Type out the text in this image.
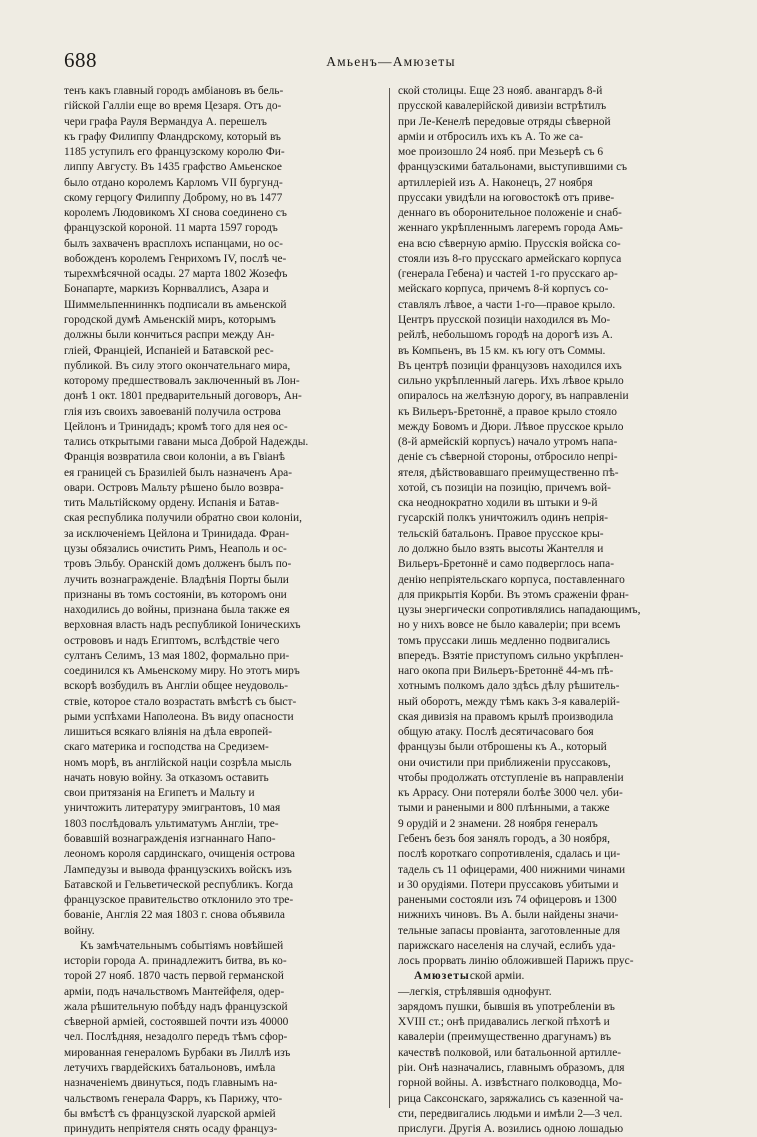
688	Амьенъ—Амюзеты

тенъ какъ главный городъ амбіановъ въ бель-

гійской Галліи еще во время Цезаря. Отъ до-

чери графа Рауля Вермандуа А. перешелъ

къ графу Филиппу Фландрскому, который въ

1185 уступилъ его французскому королю Фи-

липпу Августу. Въ 1435 графство Амьенское

было отдано королемъ Карломъ VII бургунд-

скому герцогу Филиппу Доброму, но въ 1477

королемъ Людовикомъ XI снова соединено съ

французской короной. 11 марта 1597 городъ

былъ захваченъ врасплохъ испанцами, но ос-

вобожденъ королемъ Генрихомъ IV, послѣ че-

тырехмѣсячной осады. 27 марта 1802 Жозефъ

Бонапарте, маркизъ Корнваллисъ, Азара и

Шиммельпенниннкъ подписали въ амьенской

городской думѣ Амьенскій миръ, которымъ

должны были кончиться распри между Ан-

гліей, Франціей, Испаніей и Батавской рес-

публикой. Въ силу этого окончательнаго мира,

которому предшествовалъ заключенный въ Лон-

донѣ 1 окт. 1801 предварительный договоръ, Ан-

глія изъ своихъ завоеваній получила острова

Цейлонъ и Тринидадъ; кромѣ того для нея ос-

тались открытыми гавани мыса Доброй Надежды.

Франція возвратила свои колоніи, а въ Гвіанѣ

ея границей съ Бразиліей былъ назначенъ Ара-

овари. Островъ Мальту рѣшено было возвра-

тить Мальтійскому ордену. Испанія и Батав-

ская республика получили обратно свои колоніи,

за исключеніемъ Цейлона и Тринидада. Фран-

цузы обязались очистить Римъ, Неаполь и ос-

тровъ Эльбу. Оранскій домъ долженъ былъ по-

лучить вознагражденіе. Владѣнія Порты были

признаны въ томъ состояніи, въ которомъ они

находились до войны, признана была также ея

верховная власть надъ республикой Іоническихъ

острововъ и надъ Египтомъ, вслѣдствіе чего

султанъ Селимъ, 13 мая 1802, формально при-

соединился къ Амьенскому миру. Но этотъ миръ

вскорѣ возбудилъ въ Англіи общее неудоволь-

ствіе, которое стало возрастать вмѣстѣ съ быст-

рыми успѣхами Наполеона. Въ виду опасности

лишиться всякаго вліянія на дѣла европей-

скаго материка и господства на Средизем-

номъ морѣ, въ англійской націи созрѣла мысль

начать новую войну. За отказомъ оставить

свои притязанія на Египетъ и Мальту и

уничтожить литературу эмигрантовъ, 10 мая

1803 послѣдовалъ ультиматумъ Англіи, тре-

бовавшій вознагражденія изгнаннаго Напо-

леономъ короля сардинскаго, очищенія острова

Лампедузы и вывода французскихъ войскъ изъ

Батавской и Гельветической республикъ. Когда

французское правительство отклонило это тре-

бованіе, Англія 22 мая 1803 г. снова объявила

войну.

Къ замѣчательнымъ событіямъ новѣйшей

исторіи города А. принадлежитъ битва, въ ко-

торой 27 нояб. 1870 часть первой германской

арміи, подъ начальствомъ Мантейфеля, одер-

жала рѣшительную побѣду надъ французской

сѣверной арміей, состоявшей почти изъ 40000

чел. Послѣдняя, незадолго передъ тѣмъ сфор-

мированная генераломъ Бурбаки въ Лиллѣ изъ

летучихъ гвардейскихъ батальоновъ, имѣла

назначеніемъ двинуться, подъ главнымъ на-

чальствомъ генерала Фарръ, къ Парижу, что-

бы вмѣстѣ съ французской луарской арміей

принудить непріятеля снять осаду француз-

ской столицы. Еще 23 нояб. авангардъ 8-й

прусской кавалерійской дивизіи встрѣтилъ

при Ле-Кенелѣ передовые отряды сѣверной

арміи и отбросилъ ихъ къ А. То же са-

мое произошло 24 нояб. при Мезьерѣ съ 6

французскими батальонами, выступившими съ

артиллеріей изъ А. Наконецъ, 27 ноября

пруссаки увидѣли на юговостокѣ отъ приве-

деннаго въ оборонительное положеніе и снаб-

женнаго укрѣпленнымъ лагеремъ города Амь-

ена всю сѣверную армію. Прусскія войска со-

стояли изъ 8-го прусскаго армейскаго корпуса

(генерала Гебена) и частей 1-го прусскаго ар-

мейскаго корпуса, причемъ 8-й корпусъ со-

ставлялъ лѣвое, а части 1-го—правое крыло.

Центръ прусской позиціи находился въ Мо-

рейлѣ, небольшомъ городѣ на дорогѣ изъ А.

въ Компьенъ, въ 15 км. къ югу отъ Соммы.

Въ центрѣ позиціи французовъ находился ихъ

сильно укрѣпленный лагерь. Ихъ лѣвое крыло

опиралось на желѣзную дорогу, въ направленіи

къ Вильеръ-Бретоннё, а правое крыло стояло

между Бовомъ и Дюри. Лѣвое прусское крыло

(8-й армейскій корпусъ) начало утромъ напа-

деніе съ сѣверной стороны, отбросило непрі-

ятеля, дѣйствовавшаго преимущественно пѣ-

хотой, съ позиціи на позицію, причемъ вой-

ска неоднократно ходили въ штыки и 9-й

гусарскій полкъ уничтожилъ одинъ непрія-

тельскій батальонъ. Правое прусское кры-

ло должно было взять высоты Жантелля и

Вильеръ-Бретоннё и само подверглось напа-

денію непріятельскаго корпуса, поставленнаго

для прикрытія Корби. Въ этомъ сраженіи фран-

цузы энергически сопротивлялись нападающимъ,

но у нихъ вовсе не было кавалеріи; при всемъ

томъ пруссаки лишь медленно подвигались

впередъ. Взятіе приступомъ сильно укрѣплен-

наго окопа при Вильеръ-Бретоннё 44-мъ пѣ-

хотнымъ полкомъ дало здѣсь дѣлу рѣшитель-

ный оборотъ, между тѣмъ какъ 3-я кавалерій-

ская дивизія на правомъ крылѣ производила

общую атаку. Послѣ десятичасоваго боя

французы были отброшены къ А., который

они очистили при приближеніи пруссаковъ,

чтобы продолжать отступленіе въ направленіи

къ Аррасу. Они потеряли болѣе 3000 чел. уби-

тыми и ранеными и 800 плѣнными, а также

9 орудій и 2 знамени. 28 ноября генералъ

Гебенъ безъ боя занялъ городъ, а 30 ноября,

послѣ короткаго сопротивленія, сдалась и ци-

тадель съ 11 офицерами, 400 нижними чинами

и 30 орудіями. Потери пруссаковъ убитыми и

ранеными состояли изъ 74 офицеровъ и 1300

нижнихъ чиновъ. Въ А. были найдены значи-

тельные запасы провіанта, заготовленные для

парижскаго населенія на случай, еслибъ уда-

лось прорвать линію обложившей Парижъ прус-

Амюзетыской арміи.

—легкія, стрѣлявшія однофунт.

зарядомъ пушки, бывшія въ употребленіи въ

XVIII ст.; онѣ придавались легкой пѣхотѣ и

кавалеріи (преимущественно драгунамъ) въ

качествѣ полковой, или батальонной артилле-

ріи. Онѣ назначались, главнымъ образомъ, для

горной войны. А. извѣстнаго полководца, Мо-

рица Саксонскаго, заряжались съ казенной ча-

сти, передвигались людьми и имѣли 2—3 чел.

прислуги. Другія А. возились одною лошадью
